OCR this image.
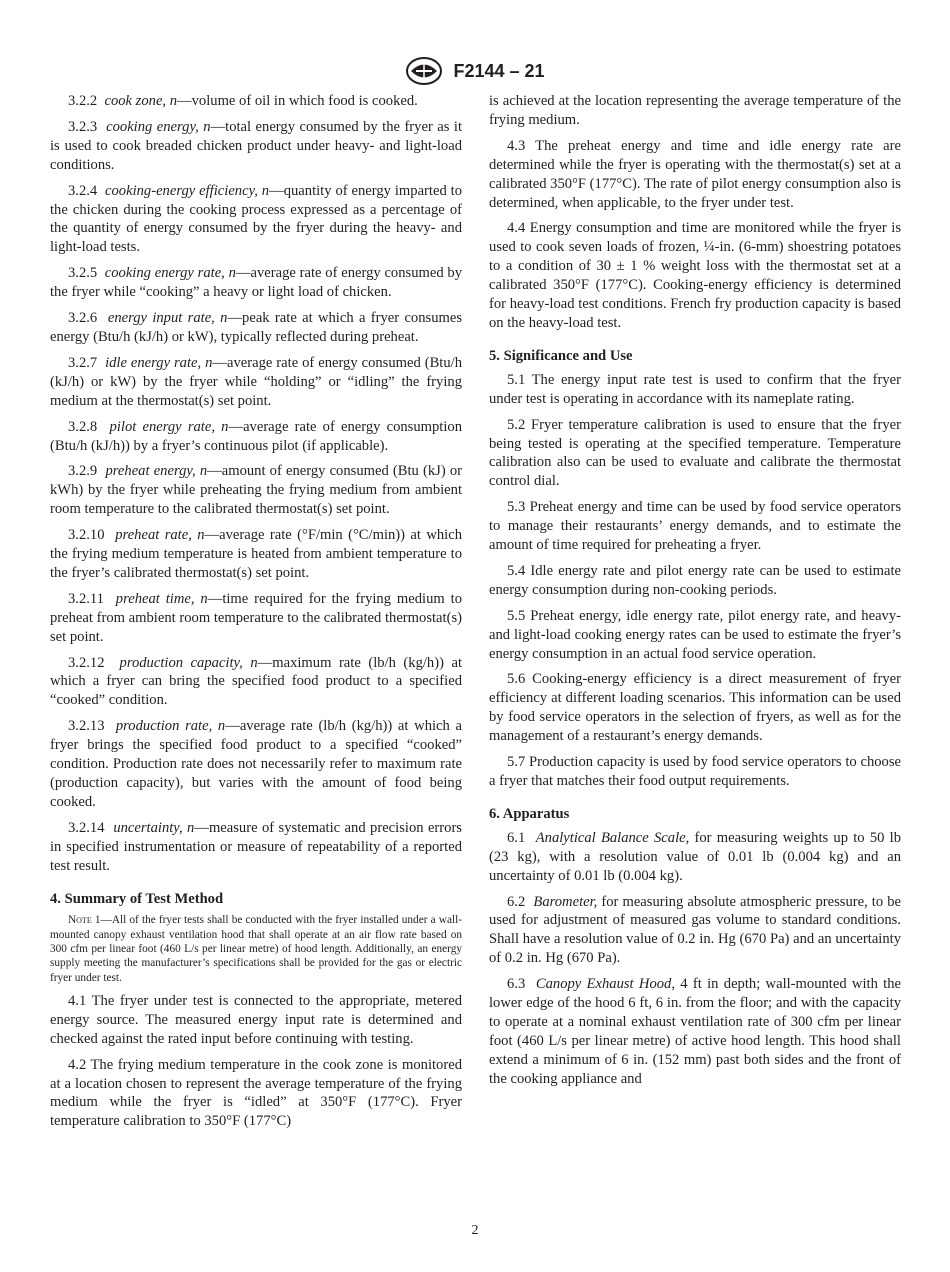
F2144 – 21

3.2.2 cook zone, n—volume of oil in which food is cooked.

3.2.3 cooking energy, n—total energy consumed by the fryer as it is used to cook breaded chicken product under heavy- and light-load conditions.

3.2.4 cooking-energy efficiency, n—quantity of energy imparted to the chicken during the cooking process expressed as a percentage of the quantity of energy consumed by the fryer during the heavy- and light-load tests.

3.2.5 cooking energy rate, n—average rate of energy consumed by the fryer while “cooking” a heavy or light load of chicken.

3.2.6 energy input rate, n—peak rate at which a fryer consumes energy (Btu/h (kJ/h) or kW), typically reflected during preheat.

3.2.7 idle energy rate, n—average rate of energy consumed (Btu/h (kJ/h) or kW) by the fryer while “holding” or “idling” the frying medium at the thermostat(s) set point.

3.2.8 pilot energy rate, n—average rate of energy consumption (Btu/h (kJ/h)) by a fryer’s continuous pilot (if applicable).

3.2.9 preheat energy, n—amount of energy consumed (Btu (kJ) or kWh) by the fryer while preheating the frying medium from ambient room temperature to the calibrated thermostat(s) set point.

3.2.10 preheat rate, n—average rate (°F/min (°C/min)) at which the frying medium temperature is heated from ambient temperature to the fryer’s calibrated thermostat(s) set point.

3.2.11 preheat time, n—time required for the frying medium to preheat from ambient room temperature to the calibrated thermostat(s) set point.

3.2.12 production capacity, n—maximum rate (lb/h (kg/h)) at which a fryer can bring the specified food product to a specified “cooked” condition.

3.2.13 production rate, n—average rate (lb/h (kg/h)) at which a fryer brings the specified food product to a specified “cooked” condition. Production rate does not necessarily refer to maximum rate (production capacity), but varies with the amount of food being cooked.

3.2.14 uncertainty, n—measure of systematic and precision errors in specified instrumentation or measure of repeatability of a reported test result.

4. Summary of Test Method

Note 1—All of the fryer tests shall be conducted with the fryer installed under a wall-mounted canopy exhaust ventilation hood that shall operate at an air flow rate based on 300 cfm per linear foot (460 L/s per linear metre) of hood length. Additionally, an energy supply meeting the manufacturer’s specifications shall be provided for the gas or electric fryer under test.

4.1 The fryer under test is connected to the appropriate, metered energy source. The measured energy input rate is determined and checked against the rated input before continuing with testing.

4.2 The frying medium temperature in the cook zone is monitored at a location chosen to represent the average temperature of the frying medium while the fryer is “idled” at 350°F (177°C). Fryer temperature calibration to 350°F (177°C)

is achieved at the location representing the average temperature of the frying medium.

4.3 The preheat energy and time and idle energy rate are determined while the fryer is operating with the thermostat(s) set at a calibrated 350°F (177°C). The rate of pilot energy consumption also is determined, when applicable, to the fryer under test.

4.4 Energy consumption and time are monitored while the fryer is used to cook seven loads of frozen, ¼-in. (6-mm) shoestring potatoes to a condition of 30 ± 1 % weight loss with the thermostat set at a calibrated 350°F (177°C). Cooking-energy efficiency is determined for heavy-load test conditions. French fry production capacity is based on the heavy-load test.

5. Significance and Use

5.1 The energy input rate test is used to confirm that the fryer under test is operating in accordance with its nameplate rating.

5.2 Fryer temperature calibration is used to ensure that the fryer being tested is operating at the specified temperature. Temperature calibration also can be used to evaluate and calibrate the thermostat control dial.

5.3 Preheat energy and time can be used by food service operators to manage their restaurants’ energy demands, and to estimate the amount of time required for preheating a fryer.

5.4 Idle energy rate and pilot energy rate can be used to estimate energy consumption during non-cooking periods.

5.5 Preheat energy, idle energy rate, pilot energy rate, and heavy- and light-load cooking energy rates can be used to estimate the fryer’s energy consumption in an actual food service operation.

5.6 Cooking-energy efficiency is a direct measurement of fryer efficiency at different loading scenarios. This information can be used by food service operators in the selection of fryers, as well as for the management of a restaurant’s energy demands.

5.7 Production capacity is used by food service operators to choose a fryer that matches their food output requirements.

6. Apparatus

6.1 Analytical Balance Scale, for measuring weights up to 50 lb (23 kg), with a resolution value of 0.01 lb (0.004 kg) and an uncertainty of 0.01 lb (0.004 kg).

6.2 Barometer, for measuring absolute atmospheric pressure, to be used for adjustment of measured gas volume to standard conditions. Shall have a resolution value of 0.2 in. Hg (670 Pa) and an uncertainty of 0.2 in. Hg (670 Pa).

6.3 Canopy Exhaust Hood, 4 ft in depth; wall-mounted with the lower edge of the hood 6 ft, 6 in. from the floor; and with the capacity to operate at a nominal exhaust ventilation rate of 300 cfm per linear foot (460 L/s per linear metre) of active hood length. This hood shall extend a minimum of 6 in. (152 mm) past both sides and the front of the cooking appliance and

2
